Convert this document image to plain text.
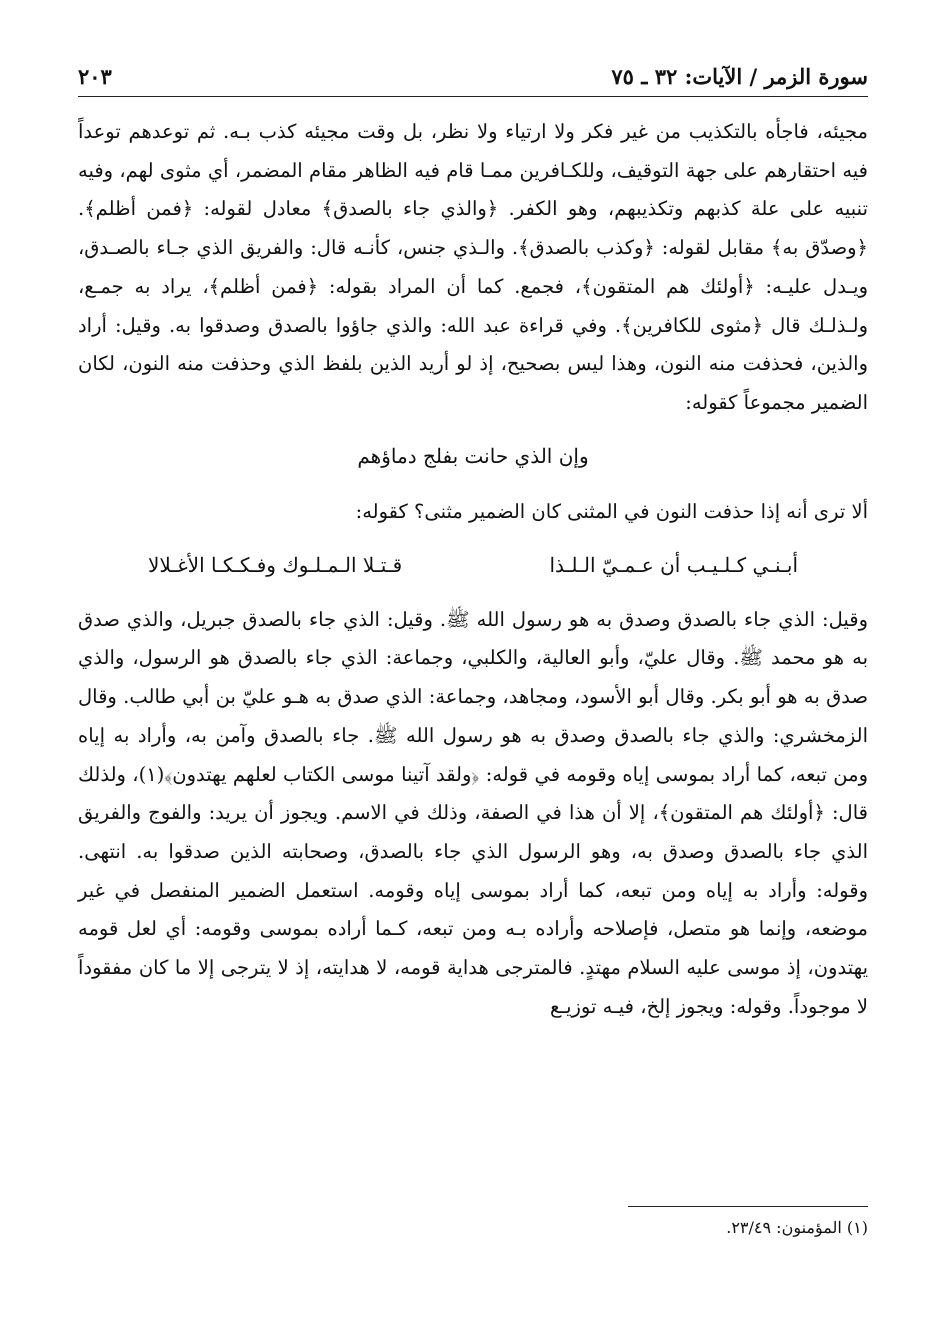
سورة الزمر / الآيات: ٣٢ ـ ٧٥
٢٠٣

مجيئه، فاجأه بالتكذيب من غير فكر ولا ارتياء ولا نظر، بل وقت مجيئه كذب بـه. ثم توعدهم توعداً فيه احتقارهم على جهة التوقيف، وللكـافرين ممـا قام فيه الظاهر مقام المضمر، أي مثوى لهم، وفيه تنبيه على علة كذبهم وتكذيبهم، وهو الكفر. ﴿والذي جاء بالصدق﴾ معادل لقوله: ﴿فمن أظلم﴾. ﴿وصدّق به﴾ مقابل لقوله: ﴿وكذب بالصدق﴾. والـذي جنس، كأنـه قال: والفريق الذي جـاء بالصـدق، ويـدل عليـه: ﴿أولئك هم المتقون﴾، فجمع. كما أن المراد بقوله: ﴿فمن أظلم﴾، يراد به جمـع، ولـذلـك قال ﴿مثوى للكافرين﴾. وفي قراءة عبد الله: والذي جاؤوا بالصدق وصدقوا به. وقيل: أراد والذين، فحذفت منه النون، وهذا ليس بصحيح، إذ لو أريد الذين بلفظ الذي وحذفت منه النون، لكان الضمير مجموعاً كقوله:

وإن الذي حانت بفلج دماؤهم

ألا ترى أنه إذا حذفت النون في المثنى كان الضمير مثنى؟ كقوله:

أبـنـي كـلـيـب أن عـمـيّ الـلـذا
قـتـلا الـمـلـوك وفـكـكـا الأغـلالا

وقيل: الذي جاء بالصدق وصدق به هو رسول الله ﷺ. وقيل: الذي جاء بالصدق جبريل، والذي صدق به هو محمد ﷺ. وقال عليّ، وأبو العالية، والكلبي، وجماعة: الذي جاء بالصدق هو الرسول، والذي صدق به هو أبو بكر. وقال أبو الأسود، ومجاهد، وجماعة: الذي صدق به هـو عليّ بن أبي طالب. وقال الزمخشري: والذي جاء بالصدق وصدق به هو رسول الله ﷺ. جاء بالصدق وآمن به، وأراد به إياه ومن تبعه، كما أراد بموسى إياه وقومه في قوله: ﴿ولقد آتينا موسى الكتاب لعلهم يهتدون﴾(١)، ولذلك قال: ﴿أولئك هم المتقون﴾، إلا أن هذا في الصفة، وذلك في الاسم. ويجوز أن يريد: والفوج والفريق الذي جاء بالصدق وصدق به، وهو الرسول الذي جاء بالصدق، وصحابته الذين صدقوا به. انتهى. وقوله: وأراد به إياه ومن تبعه، كما أراد بموسى إياه وقومه. استعمل الضمير المنفصل في غير موضعه، وإنما هو متصل، فإصلاحه وأراده بـه ومن تبعه، كـما أراده بموسى وقومه: أي لعل قومه يهتدون، إذ موسى عليه السلام مهتدٍ. فالمترجى هداية قومه، لا هدايته، إذ لا يترجى إلا ما كان مفقوداً لا موجوداً. وقوله: ويجوز إلخ، فيـه توزيـع

(١) المؤمنون: ٢٣/٤٩.
